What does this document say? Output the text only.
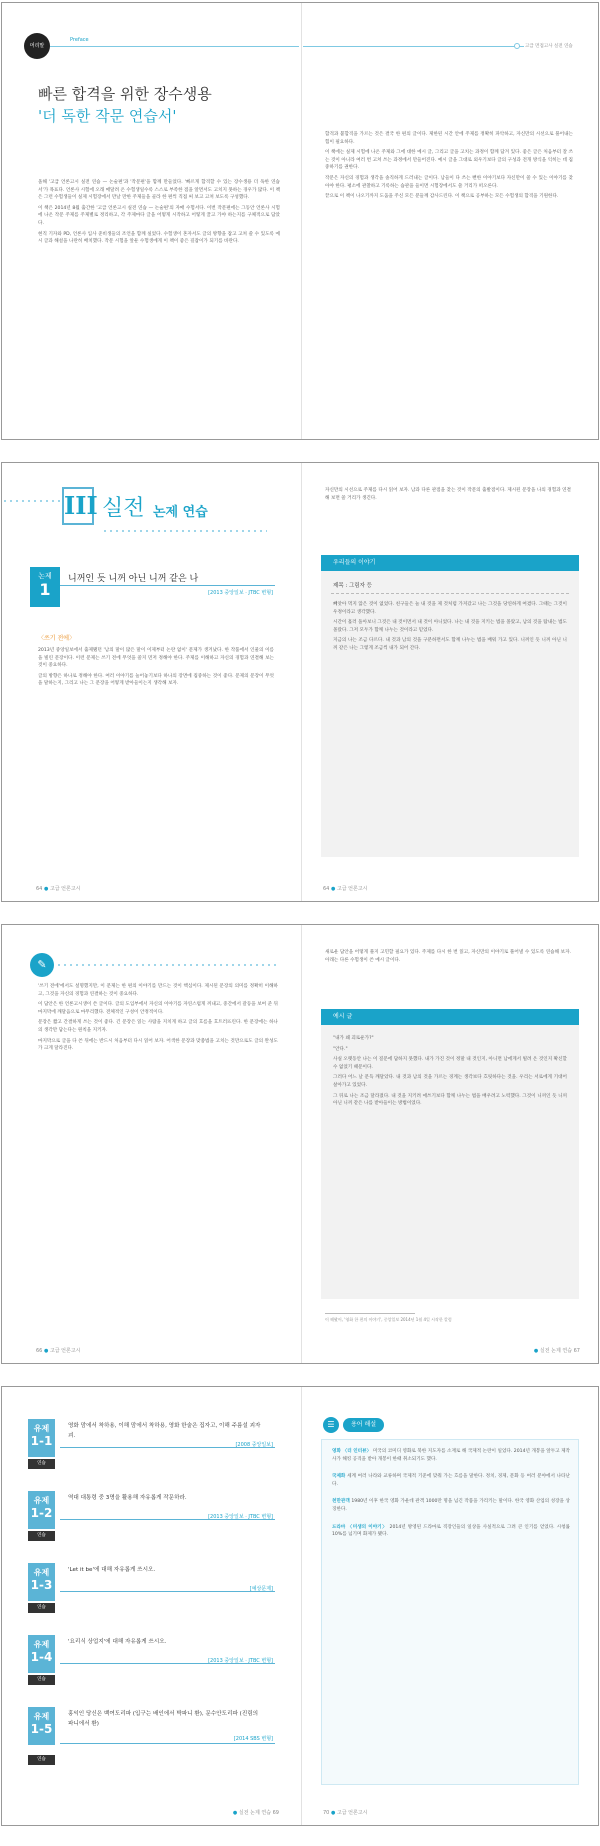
머리말
Preface
빠른 합격을 위한 장수생용
'더 독한 작문 연습서'

올해 '고급 언론고시 실전 연습 — 논술편'과 '작문편'을 함께 만들었다. '빠르게 합격할 수 있는 장수생용 더 독한 연습서'가 목표다. 언론사 시험에 오래 매달려 온 수험생일수록 스스로 부족한 점을 알면서도 고치지 못하는 경우가 많다. 이 책은 그런 수험생들이 실제 시험장에서 만날 만한 주제들을 골라 한 편씩 직접 써 보고 고쳐 보도록 구성했다.

이 책은 2014년 8월 출간한 '고급 언론고시 실전 연습 — 논술편'의 자매 수험서다. 이번 작문편에는 그동안 언론사 시험에 나온 작문 주제를 주제별로 정리하고, 각 주제마다 글을 어떻게 시작하고 어떻게 끌고 가야 하는지를 구체적으로 담았다.

현직 기자와 PD, 언론사 입사 준비생들의 조언을 함께 실었다. 수험생이 혼자서도 글의 방향을 잡고 고쳐 쓸 수 있도록 예시 글과 해설을 나란히 배치했다. 작문 시험을 앞둔 수험생에게 이 책이 좋은 길잡이가 되기를 바란다.

고급 면접고사 실전 연습

합격과 불합격을 가르는 것은 결국 한 편의 글이다. 제한된 시간 안에 주제를 정확히 파악하고, 자신만의 시선으로 풀어내는 힘이 필요하다.

이 책에는 실제 시험에 나온 주제와 그에 대한 예시 글, 그리고 글을 고치는 과정이 함께 담겨 있다. 좋은 글은 처음부터 잘 쓰는 것이 아니라 여러 번 고쳐 쓰는 과정에서 만들어진다. 예시 글을 그대로 외우기보다 글의 구성과 전개 방식을 익히는 데 집중하기를 권한다.

작문은 자신의 경험과 생각을 솔직하게 드러내는 글이다. 남들이 다 쓰는 뻔한 이야기보다 자신만이 쓸 수 있는 이야기를 찾아야 한다. 평소에 관찰하고 기록하는 습관을 들이면 시험장에서도 쓸 거리가 떠오른다.

끝으로 이 책이 나오기까지 도움을 주신 모든 분들께 감사드린다. 이 책으로 공부하는 모든 수험생의 합격을 기원한다.

III 실전 논제 연습
논제
1
니꺼인 듯 니꺼 아닌 니꺼 같은 나
[2013 중앙일보 · JTBC 변형]
〈쓰기 전에〉

2013년 중앙일보에서 출제됐던 '남의 말이 많은 말이 이제부터 논란 없이' 문제가 생겨났다. 한 작품에서 인물의 이름을 빌린 문장이다. 이런 문제는 쓰기 전에 무엇을 쓸지 먼저 정해야 한다. 주제를 이해하고 자신의 경험과 연결해 보는 것이 중요하다.

글의 방향은 하나로 정해야 한다. 여러 이야기를 늘어놓기보다 하나의 장면에 집중하는 것이 좋다. 문제의 문장이 무엇을 말하는지, 그리고 나는 그 문장을 어떻게 받아들이는지 생각해 보자.

64 ● 고급 언론고시

자신만의 시선으로 주제를 다시 읽어 보자. 남과 다른 관점을 찾는 것이 작문의 출발점이다. 제시된 문장을 나의 경험과 연결해 보면 쓸 거리가 생긴다.

우리들의 이야기
제목 : 그림자 등

빼앗아 먹지 않은 것이 없었다. 친구들은 늘 내 것을 제 것처럼 가져갔고 나는 그것을 당연하게 여겼다. 그때는 그것이 우정이라고 생각했다.

시간이 흘러 돌아보니 그것은 내 것이면서 내 것이 아니었다. 나는 내 것을 지키는 법을 몰랐고, 남의 것을 탐내는 법도 몰랐다. 그저 모두가 함께 나누는 것이라고 믿었다.

지금의 나는 조금 다르다. 내 것과 남의 것을 구분하면서도 함께 나누는 법을 배워 가고 있다. 니꺼인 듯 니꺼 아닌 니꺼 같은 나는 그렇게 조금씩 내가 되어 간다.

64 ● 고급 언론고시
✎

'쓰기 전에'에서도 설명했지만, 이 문제는 한 편의 이야기를 만드는 것이 핵심이다. 제시된 문장의 의미를 정확히 이해하고, 그것을 자신의 경험과 연결하는 것이 중요하다.

이 답안은 한 언론고시생이 쓴 글이다. 글의 도입부에서 자신의 이야기를 자연스럽게 꺼내고, 중간에서 갈등을 보여 준 뒤 마지막에 깨달음으로 마무리했다. 전체적인 구성이 안정적이다.

문장은 짧고 간결하게 쓰는 것이 좋다. 긴 문장은 읽는 사람을 지치게 하고 글의 흐름을 흐트러뜨린다. 한 문장에는 하나의 생각만 담는다는 원칙을 지키자.

마지막으로 글을 다 쓴 뒤에는 반드시 처음부터 다시 읽어 보자. 어색한 문장과 맞춤법을 고치는 것만으로도 글의 완성도가 크게 달라진다.

66 ● 고급 언론고시

새로운 답안을 어떻게 풀지 고민할 필요가 있다. 주제를 다시 한 번 읽고, 자신만의 이야기로 풀어낼 수 있도록 연습해 보자. 아래는 다른 수험생이 쓴 예시 글이다.

예시 글

"내가 왜 괴로운가?"

"안다."

사실 오랫동안 나는 이 질문에 답하지 못했다. 내가 가진 것이 정말 내 것인지, 아니면 남에게서 빌려 온 것인지 확신할 수 없었기 때문이다.

그러다 어느 날 문득 깨달았다. 내 것과 남의 것을 가르는 경계는 생각보다 흐릿하다는 것을. 우리는 서로에게 기대어 살아가고 있었다.

그 뒤로 나는 조금 달라졌다. 내 것을 지키려 애쓰기보다 함께 나누는 법을 배우려고 노력했다. 그것이 니꺼인 듯 니꺼 아닌 니꺼 같은 나를 받아들이는 방법이었다.

이 해봤어, '영화 한 편의 이야기', 중앙일보 2014년 1월 4일 시작한 칼럼
● 실전 논제 연습 67
유제
1-1
영화 맘에서 착하용, 이해 맘에서 착하용, 영화 한술은 집자고, 이해 주름설 괴자괴.
[2008 중앙일보]
연습
유제
1-2
역대 대통령 중 3명을 활용해 자유롭게 작문하라.
[2013 중앙일보 · JTBC 변형]
연습
유제
1-3
'Let it be'에 대해 자유롭게 쓰시오.
[예상문제]
연습
유제
1-4
'요리식 상업지'에 대해 자유롭게 쓰시오.
[2013 중앙일보 · JTBC 변형]
연습
유제
1-5
홍익인 당신은 백여도리파 (입구는 배인에서 박파니 환), 문수안도리파 (진림의 파니에서 환)
[2014 SBS 변형]
연습
● 실전 논제 연습 69
☰	용어 해설

영화 〈더 인터뷰〉 미국의 코미디 영화로 북한 지도자를 소재로 해 국제적 논란이 일었다. 2014년 개봉을 앞두고 제작사가 해킹 공격을 받아 개봉이 한때 취소되기도 했다.

국제화 세계 여러 나라와 교류하며 국제적 기준에 맞춰 가는 흐름을 말한다. 정치, 경제, 문화 등 여러 분야에서 나타난다.

천만관객 1980년 이후 한국 영화 가운데 관객 1000만 명을 넘긴 작품을 가리키는 말이다. 한국 영화 산업의 성장을 상징한다.

드라마 〈미생의 이야기〉 2014년 방영된 드라마로 직장인들의 일상을 사실적으로 그려 큰 인기를 얻었다. 시청률 10%를 넘기며 화제가 됐다.

70 ● 고급 언론고시
